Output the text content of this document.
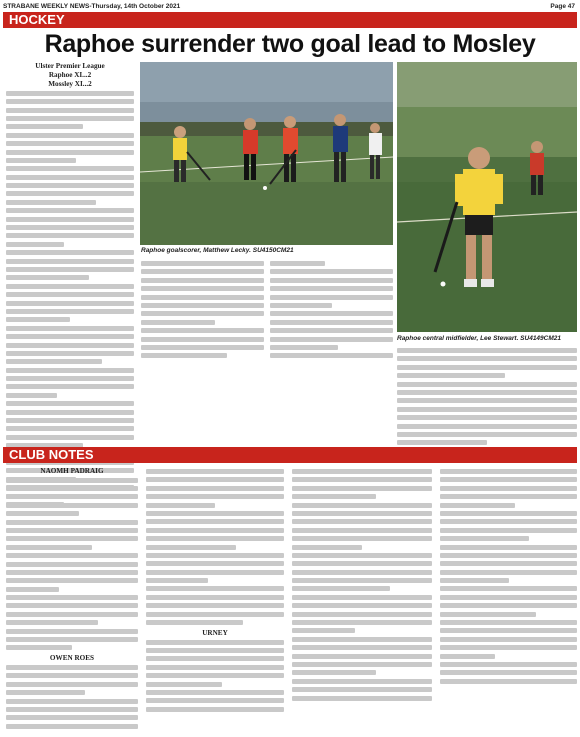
STRABANE WEEKLY NEWS-Thursday, 14th October 2021	Page 47
HOCKEY
Raphoe surrender two goal lead to Mosley
Ulster Premier League
Raphoe XI...2
Mossley XI...2
Raphoe goalscorer, Matthew Lecky. SU4150CM21
Raphoe central midfielder, Lee Stewart. SU4149CM21
CLUB NOTES
NAOMH PADRAIG
OWEN ROES
URNEY
